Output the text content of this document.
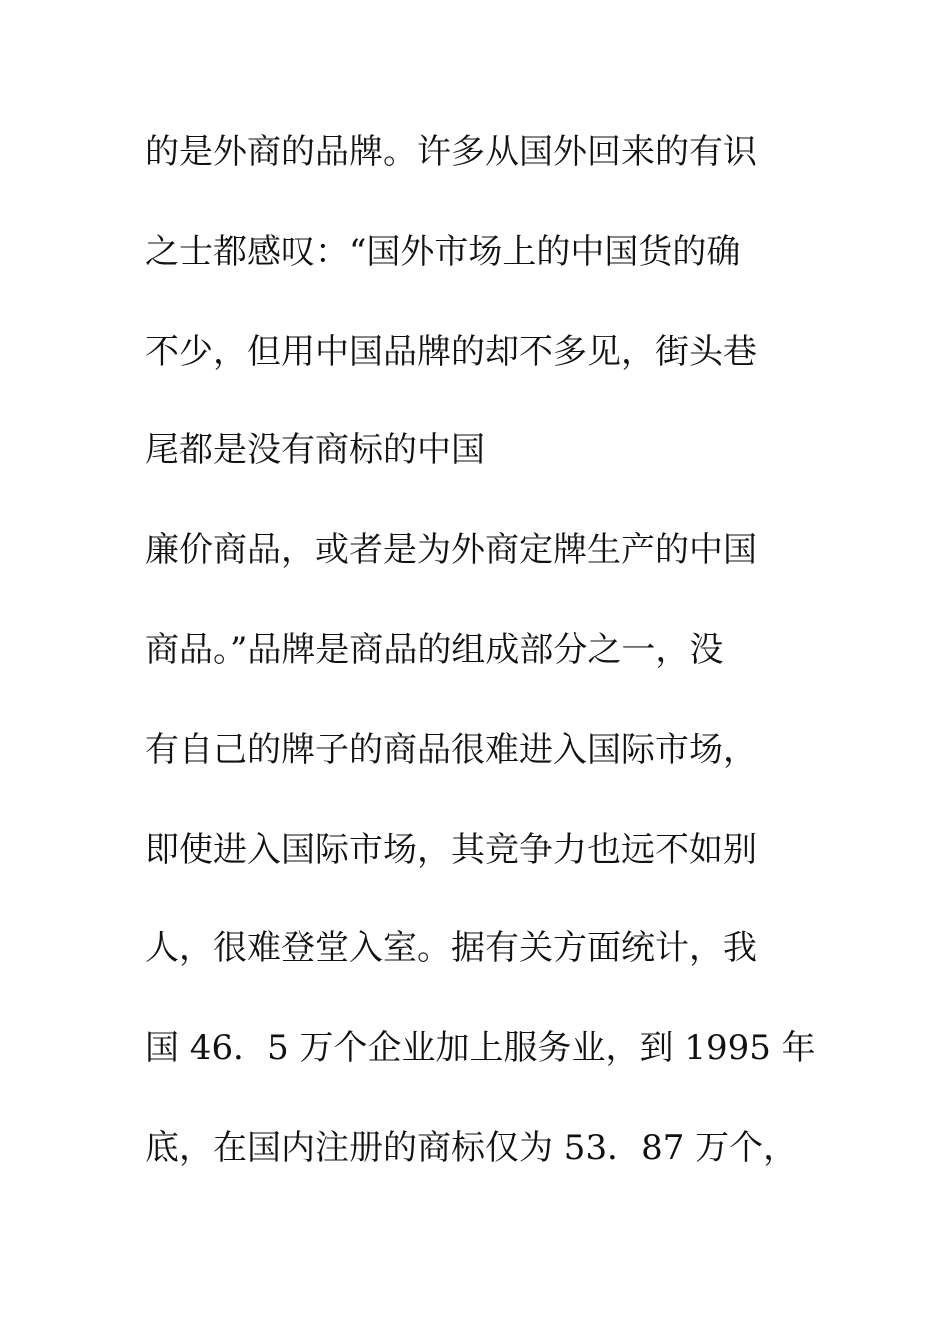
的是外商的品牌。许多从国外回来的有识
之士都感叹：“国外市场上的中国货的确
不少，但用中国品牌的却不多见，街头巷
尾都是没有商标的中国
廉价商品，或者是为外商定牌生产的中国
商品。”品牌是商品的组成部分之一，没
有自己的牌子的商品很难进入国际市场，
即使进入国际市场，其竞争力也远不如别
人，很难登堂入室。据有关方面统计，我
国 46．5 万个企业加上服务业，到 1995 年
底，在国内注册的商标仅为 53．87 万个，
